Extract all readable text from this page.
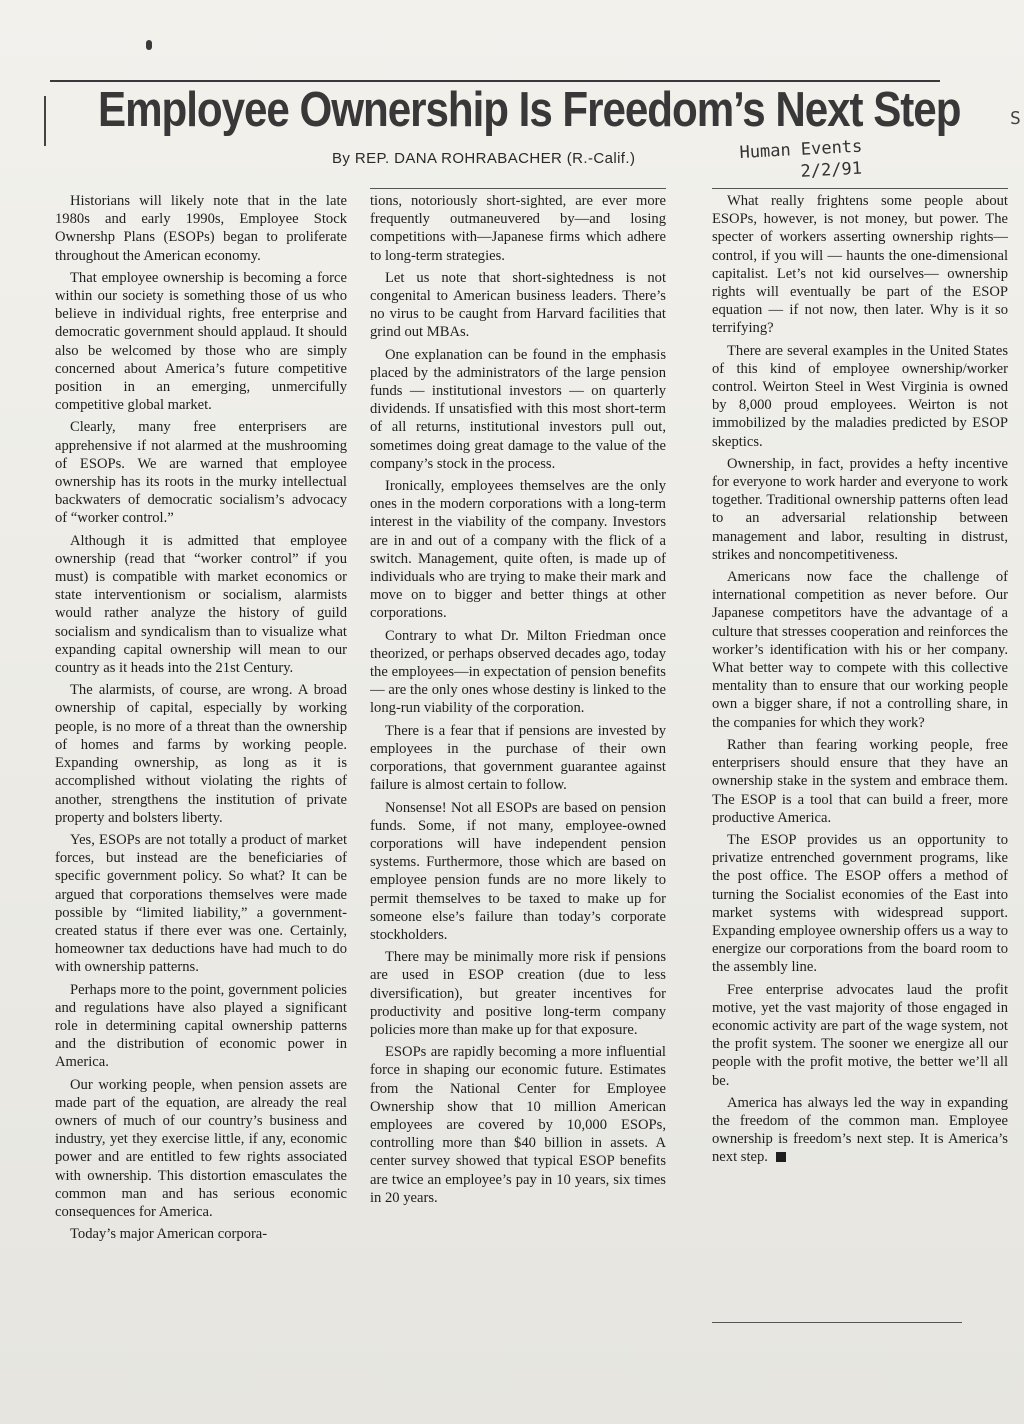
Employee Ownership Is Freedom’s Next Step
By REP. DANA ROHRABACHER (R.-Calif.)	Human Events
2/2/91
S

Historians will likely note that in the late 1980s and early 1990s, Employee Stock Ownershp Plans (ESOPs) began to proliferate throughout the American economy.

That employee ownership is becoming a force within our society is something those of us who believe in individual rights, free enterprise and democratic government should applaud. It should also be welcomed by those who are simply concerned about America’s future competitive position in an emerging, unmercifully competitive global market.

Clearly, many free enterprisers are apprehensive if not alarmed at the mushrooming of ESOPs. We are warned that employee ownership has its roots in the murky intellectual backwaters of democratic socialism’s advocacy of “worker control.”

Although it is admitted that employee ownership (read that “worker control” if you must) is compatible with market economics or state interventionism or socialism, alarmists would rather analyze the history of guild socialism and syndicalism than to visualize what expanding capital ownership will mean to our country as it heads into the 21st Century.

The alarmists, of course, are wrong. A broad ownership of capital, especially by working people, is no more of a threat than the ownership of homes and farms by working people. Expanding ownership, as long as it is accomplished without violating the rights of another, strengthens the institution of private property and bolsters liberty.

Yes, ESOPs are not totally a product of market forces, but instead are the beneficiaries of specific government policy. So what? It can be argued that corporations themselves were made possible by “limited liability,” a government-created status if there ever was one. Certainly, homeowner tax deductions have had much to do with ownership patterns.

Perhaps more to the point, government policies and regulations have also played a significant role in determining capital ownership patterns and the distribution of economic power in America.

Our working people, when pension assets are made part of the equation, are already the real owners of much of our country’s business and industry, yet they exercise little, if any, economic power and are entitled to few rights associated with ownership. This distortion emasculates the common man and has serious economic consequences for America.

Today’s major American corpora-

tions, notoriously short-sighted, are ever more frequently outmaneuvered by—and losing competitions with—Japanese firms which adhere to long-term strategies.

Let us note that short-sightedness is not congenital to American business leaders. There’s no virus to be caught from Harvard facilities that grind out MBAs.

One explanation can be found in the emphasis placed by the administrators of the large pension funds — institutional investors — on quarterly dividends. If unsatisfied with this most short-term of all returns, institutional investors pull out, sometimes doing great damage to the value of the company’s stock in the process.

Ironically, employees themselves are the only ones in the modern corporations with a long-term interest in the viability of the company. Investors are in and out of a company with the flick of a switch. Management, quite often, is made up of individuals who are trying to make their mark and move on to bigger and better things at other corporations.

Contrary to what Dr. Milton Friedman once theorized, or perhaps observed decades ago, today the employees—in expectation of pension benefits — are the only ones whose destiny is linked to the long-run viability of the corporation.

There is a fear that if pensions are invested by employees in the purchase of their own corporations, that government guarantee against failure is almost certain to follow.

Nonsense! Not all ESOPs are based on pension funds. Some, if not many, employee-owned corporations will have independent pension systems. Furthermore, those which are based on employee pension funds are no more likely to permit themselves to be taxed to make up for someone else’s failure than today’s corporate stockholders.

There may be minimally more risk if pensions are used in ESOP creation (due to less diversification), but greater incentives for productivity and positive long-term company policies more than make up for that exposure.

ESOPs are rapidly becoming a more influential force in shaping our economic future. Estimates from the National Center for Employee Ownership show that 10 million American employees are covered by 10,000 ESOPs, controlling more than $40 billion in assets. A center survey showed that typical ESOP benefits are twice an employee’s pay in 10 years, six times in 20 years.

What really frightens some people about ESOPs, however, is not money, but power. The specter of workers asserting ownership rights—control, if you will — haunts the one-dimensional capitalist. Let’s not kid ourselves— ownership rights will eventually be part of the ESOP equation — if not now, then later. Why is it so terrifying?

There are several examples in the United States of this kind of employee ownership/worker control. Weirton Steel in West Virginia is owned by 8,000 proud employees. Weirton is not immobilized by the maladies predicted by ESOP skeptics.

Ownership, in fact, provides a hefty incentive for everyone to work harder and everyone to work together. Traditional ownership patterns often lead to an adversarial relationship between management and labor, resulting in distrust, strikes and noncompetitiveness.

Americans now face the challenge of international competition as never before. Our Japanese competitors have the advantage of a culture that stresses cooperation and reinforces the worker’s identification with his or her company. What better way to compete with this collective mentality than to ensure that our working people own a bigger share, if not a controlling share, in the companies for which they work?

Rather than fearing working people, free enterprisers should ensure that they have an ownership stake in the system and embrace them. The ESOP is a tool that can build a freer, more productive America.

The ESOP provides us an opportunity to privatize entrenched government programs, like the post office. The ESOP offers a method of turning the Socialist economies of the East into market systems with widespread support. Expanding employee ownership offers us a way to energize our corporations from the board room to the assembly line.

Free enterprise advocates laud the profit motive, yet the vast majority of those engaged in economic activity are part of the wage system, not the profit system. The sooner we energize all our people with the profit motive, the better we’ll all be.

America has always led the way in expanding the freedom of the common man. Employee ownership is freedom’s next step. It is America’s next step.
